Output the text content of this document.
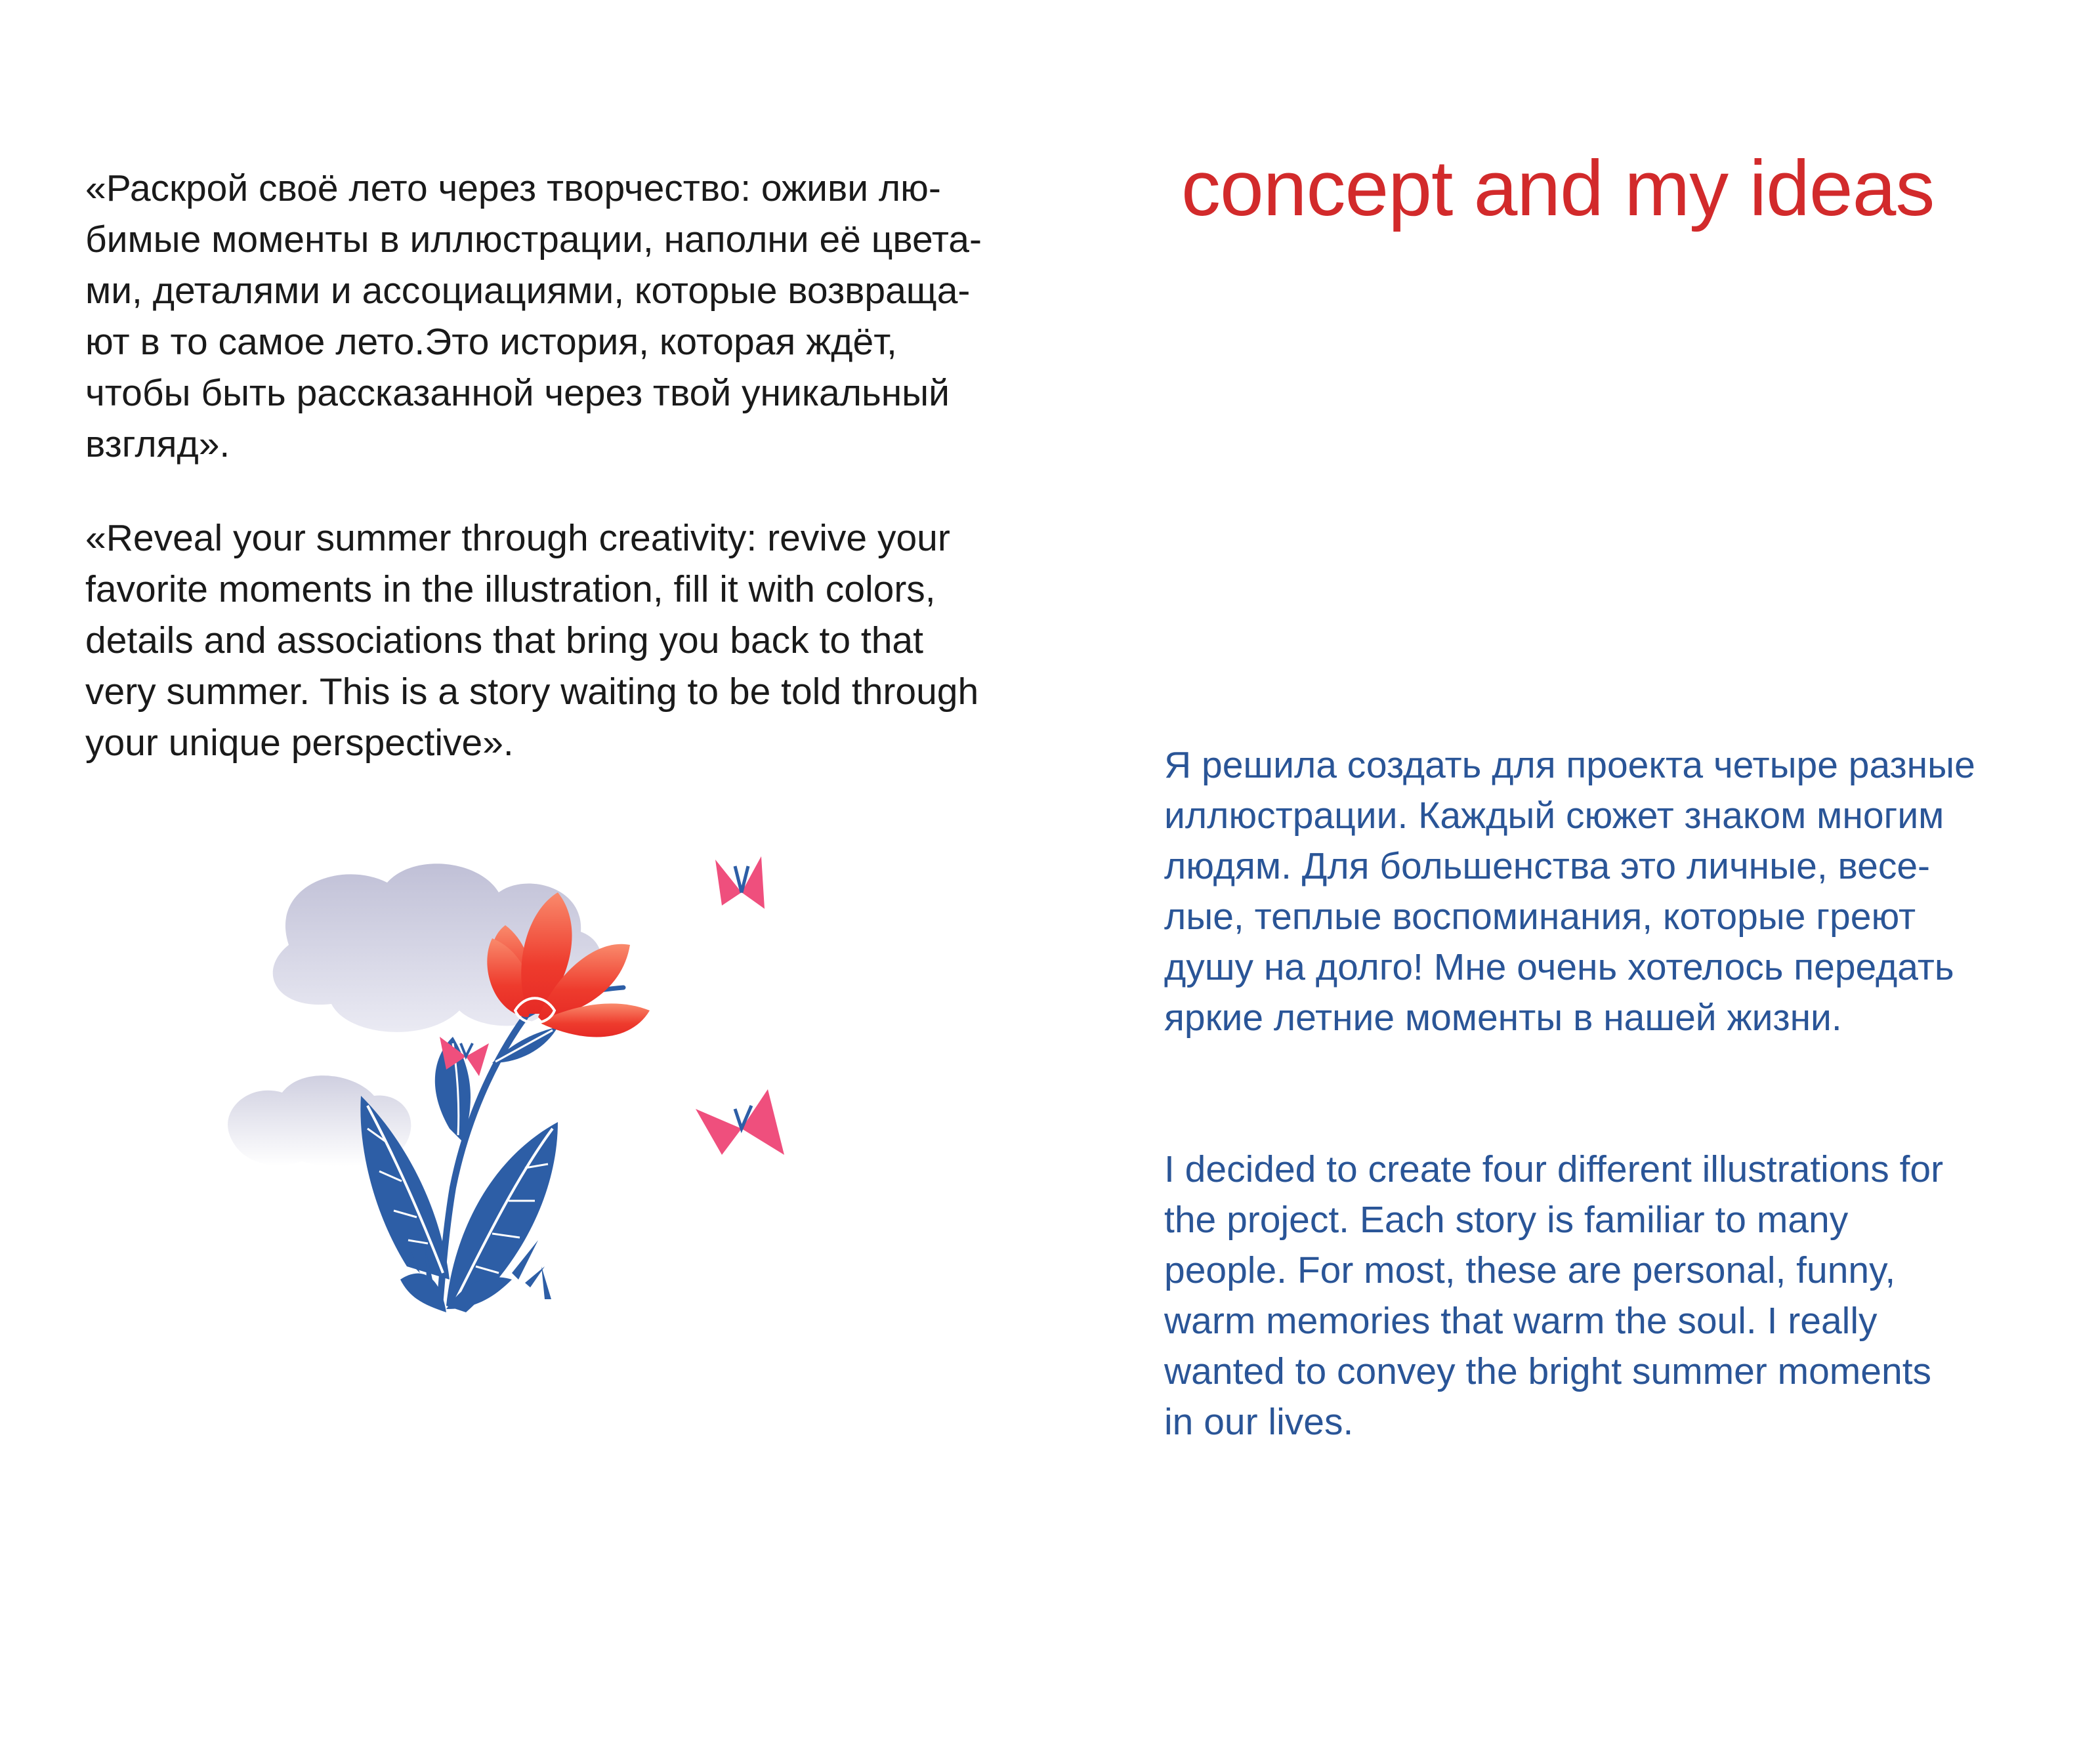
«Раскрой своё лето через творчество: оживи лю-
бимые моменты в иллюстрации, наполни её цвета-
ми, деталями и ассоциациями, которые возвраща-
ют в то самое лето.Это история, которая ждёт,
чтобы быть рассказанной через твой уникальный
взгляд».

«Reveal your summer through creativity: revive your
favorite moments in the illustration, fill it with colors,
details and associations that bring you back to that
very summer. This is a story waiting to be told through
your unique perspective».

concept and my ideas

Я решила создать для проекта четыре разные
иллюстрации. Каждый сюжет знаком многим
людям. Для большенства это личные, весе-
лые, теплые воспоминания, которые греют
душу на долго! Мне очень хотелось передать
яркие летние моменты в нашей жизни.

I decided to create four different illustrations for
the project. Each story is familiar to many
people. For most, these are personal, funny,
warm memories that warm the soul. I really
wanted to convey the bright summer moments
in our lives.
